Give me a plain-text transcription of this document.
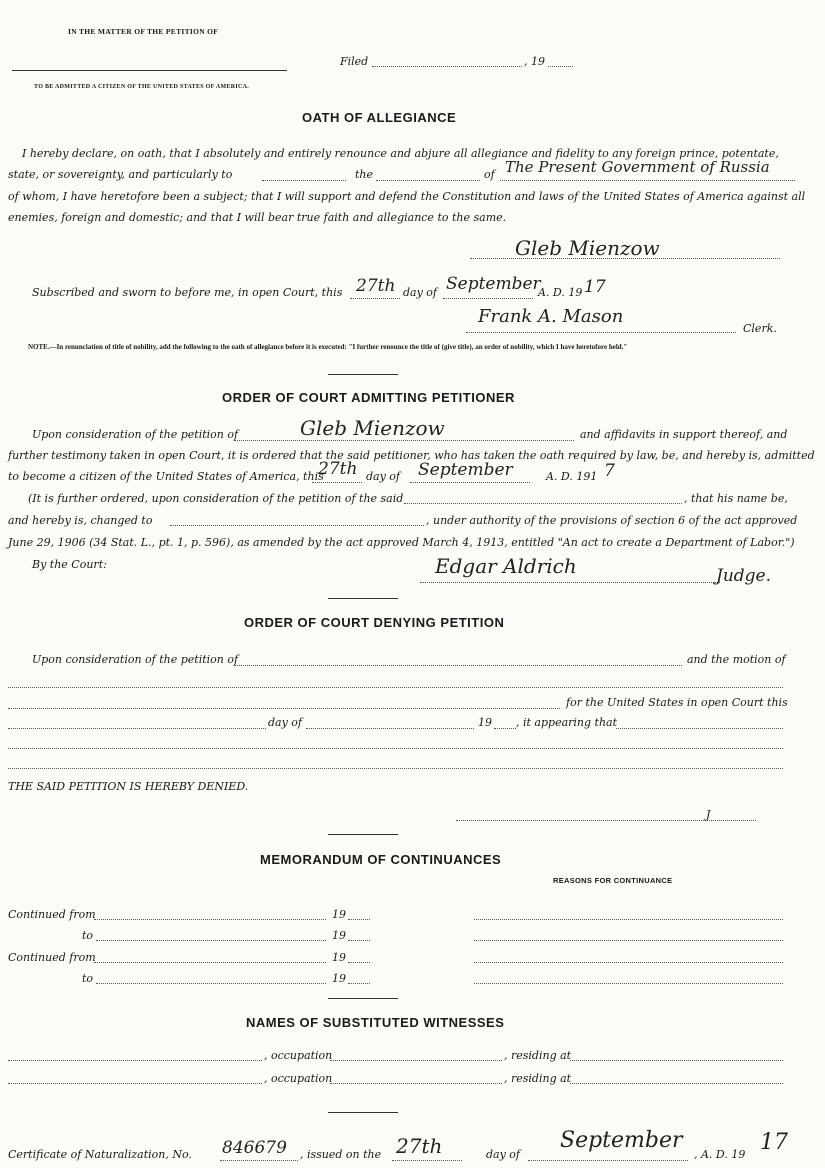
IN THE MATTER OF THE PETITION OF
TO BE ADMITTED A CITIZEN OF THE UNITED STATES OF AMERICA.
Filed	, 19
OATH OF ALLEGIANCE
I hereby declare, on oath, that I absolutely and entirely renounce and abjure all allegiance and fidelity to any foreign prince, potentate,
state, or sovereignty, and particularly to	the	of The Present Government of Russia
of whom, I have heretofore been a subject; that I will support and defend the Constitution and laws of the United States of America against all
enemies, foreign and domestic; and that I will bear true faith and allegiance to the same.
Gleb Mienzow
Subscribed and sworn to before me, in open Court, this 27th day of September
A. D. 19 17
Frank A. Mason
Clerk.
NOTE.—In renunciation of title of nobility, add the following to the oath of allegiance before it is executed: "I further renounce the title of (give title), an order of nobility, which I have heretofore held."
ORDER OF COURT ADMITTING PETITIONER
Upon consideration of the petition of	Gleb Mienzow	and affidavits in support thereof, and
further testimony taken in open Court, it is ordered that the said petitioner, who has taken the oath required by law, be, and hereby is, admitted
to become a citizen of the United States of America, this
27th day of September	A. D. 191 7
(It is further ordered, upon consideration of the petition of the said	, that his name be,
and hereby is, changed to	, under authority of the provisions of section 6 of the act approved
June 29, 1906 (34 Stat. L., pt. 1, p. 596), as amended by the act approved March 4, 1913, entitled "An act to create a Department of Labor.")
By the Court:	Edgar Aldrich	Judge.
ORDER OF COURT DENYING PETITION
Upon consideration of the petition of	and the motion of
for the United States in open Court this
day of	19 , it appearing that
THE SAID PETITION IS HEREBY DENIED.
J
MEMORANDUM OF CONTINUANCES
REASONS FOR CONTINUANCE
Continued from	19
to	19
Continued from	19
to	19
NAMES OF SUBSTITUTED WITNESSES
, occupation	, residing at
, occupation	, residing at
Certificate of Naturalization, No. 846679 , issued on the 27th	day of
September
, A. D. 19 17
